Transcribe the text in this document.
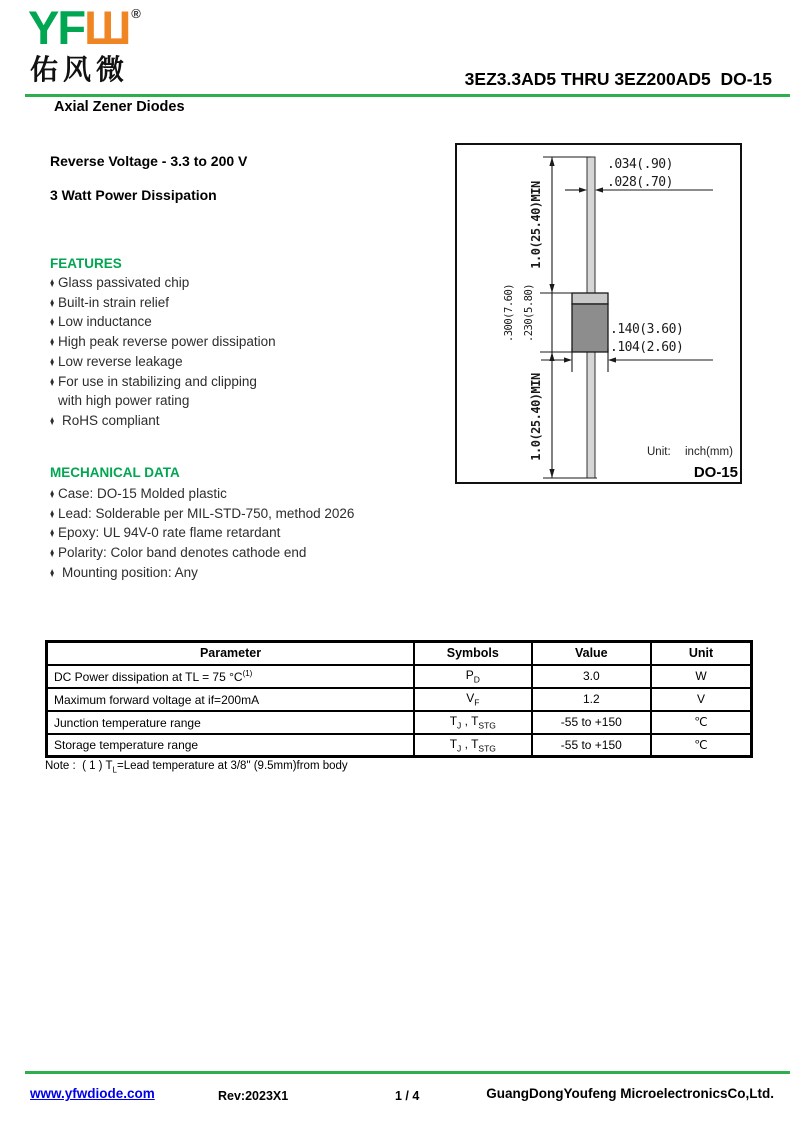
YFШ ®
佑风微	3EZ3.3AD5 THRU 3EZ200AD5  DO-15
Axial Zener Diodes
Reverse Voltage - 3.3 to 200 V
3 Watt Power Dissipation
FEATURES
♦ Glass passivated chip
♦ Built-in strain relief
♦ Low inductance
♦ High peak reverse power dissipation
♦ Low reverse leakage
♦ For use in stabilizing and clipping
with high power rating
♦ RoHS compliant
MECHANICAL DATA
♦ Case: DO-15 Molded plastic
♦ Lead: Solderable per MIL-STD-750, method 2026
♦ Epoxy: UL 94V-0 rate flame retardant
♦ Polarity: Color band denotes cathode end
♦ Mounting position: Any
.034(.90)
.028(.70)
.140(3.60)
.104(2.60)
1.0(25.40)MIN
.300(7.60) .230(5.80)
1.0(25.40)MIN	Unit: inch(mm)
DO-15
Parameter	Symbols	Value	Unit
DC Power dissipation at TL = 75 $^\circ C^{(1)}$	$P_D$	3.0	W
Maximum forward voltage at if=200mA	$V_F$	1.2	V
Junction temperature range	$T_J$ , $T_{STG}$	-55 to +150	℃
Storage temperature range	$T_J$ , $T_{STG}$	-55 to +150	℃
Note :  ( 1 ) $T_L=Lead$ temperature at 3/8" (9.5mm)from body
www.yfwdiode.com	Rev:2023X1	1 / 4	GuangDongYoufeng MicroelectronicsCo,Ltd.
